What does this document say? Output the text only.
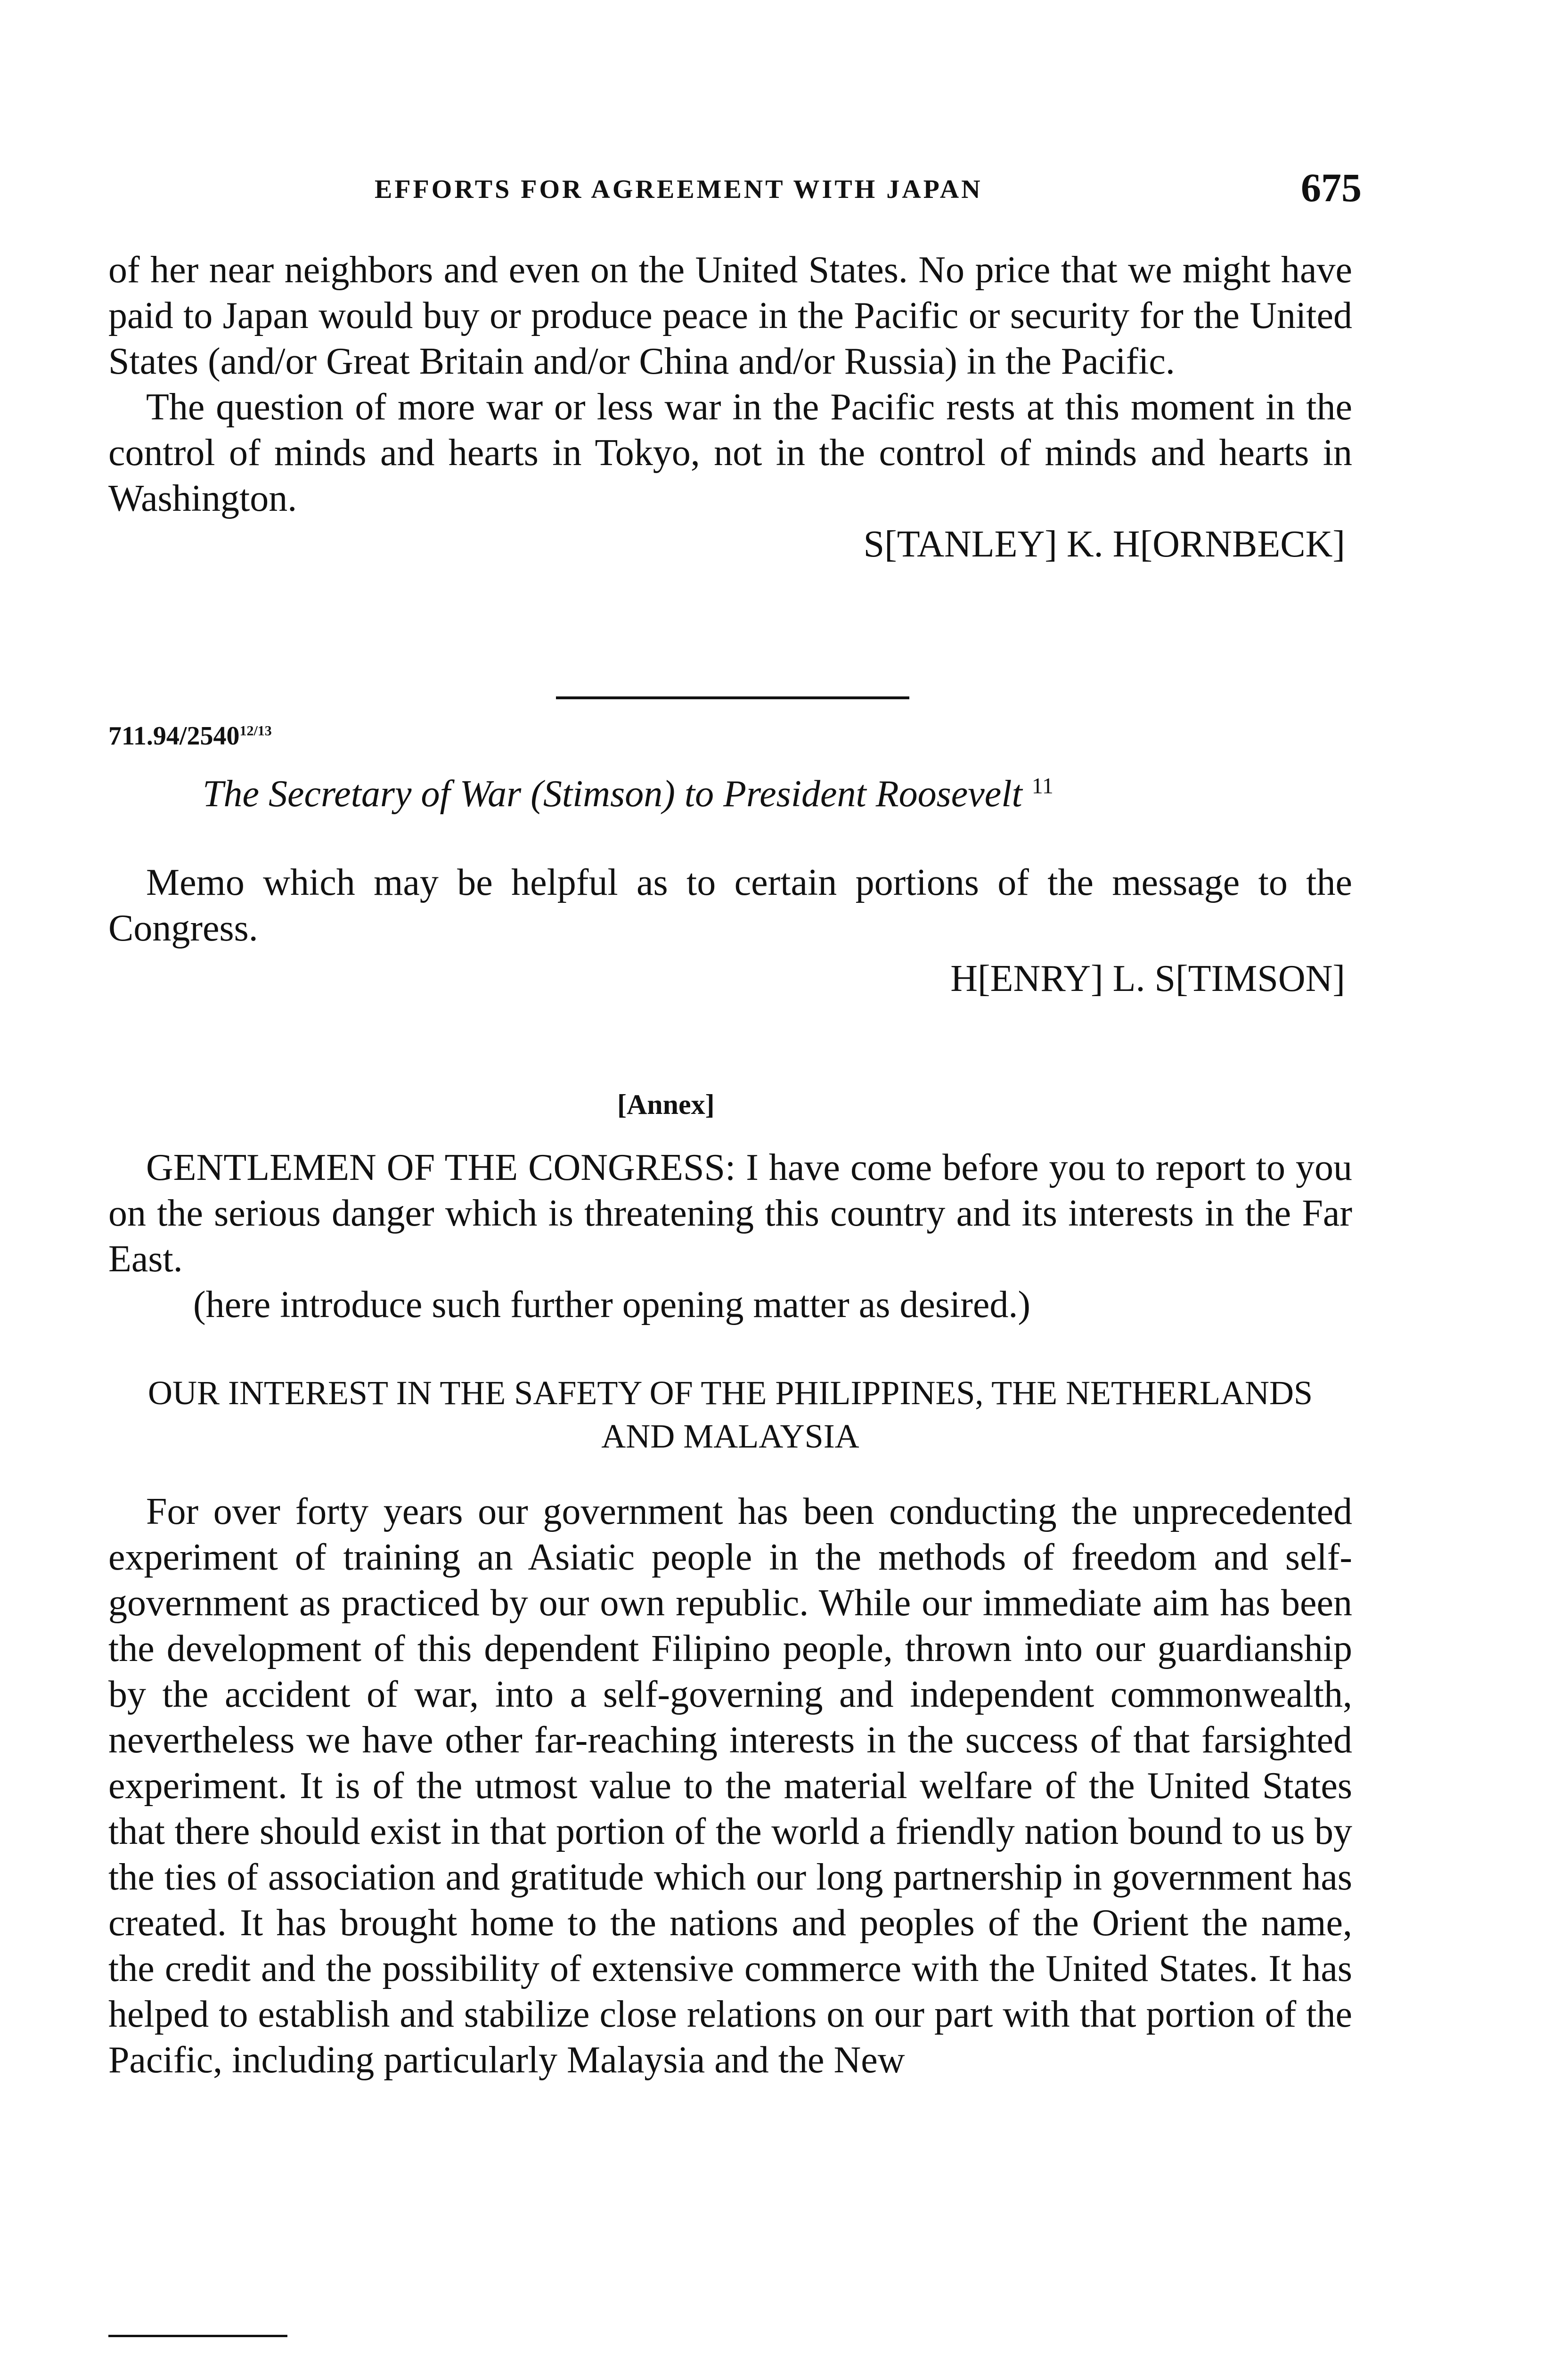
EFFORTS FOR AGREEMENT WITH JAPAN	675

of her near neighbors and even on the United States. No price that we might have paid to Japan would buy or produce peace in the Pacific or security for the United States (and/or Great Britain and/or China and/or Russia) in the Pacific.

The question of more war or less war in the Pacific rests at this moment in the control of minds and hearts in Tokyo, not in the control of minds and hearts in Washington.

S[TANLEY] K. H[ORNBECK]

$711.94/2540^{12/13}$
The Secretary of War (Stimson) to President Roosevelt $^{11}$

Memo which may be helpful as to certain portions of the message to the Congress.

H[ENRY] L. S[TIMSON]

[Annex]

GENTLEMEN OF THE CONGRESS: I have come before you to report to you on the serious danger which is threatening this country and its interests in the Far East.

(here introduce such further opening matter as desired.)

OUR INTEREST IN THE SAFETY OF THE PHILIPPINES, THE NETHERLANDS
AND MALAYSIA

For over forty years our government has been conducting the unprecedented experiment of training an Asiatic people in the methods of freedom and self-government as practiced by our own republic. While our immediate aim has been the development of this dependent Filipino people, thrown into our guardianship by the accident of war, into a self-governing and independent commonwealth, nevertheless we have other far-reaching interests in the success of that farsighted experiment. It is of the utmost value to the material welfare of the United States that there should exist in that portion of the world a friendly nation bound to us by the ties of association and gratitude which our long partnership in government has created. It has brought home to the nations and peoples of the Orient the name, the credit and the possibility of extensive commerce with the United States. It has helped to establish and stabilize close relations on our part with that portion of the Pacific, including particularly Malaysia and the New
